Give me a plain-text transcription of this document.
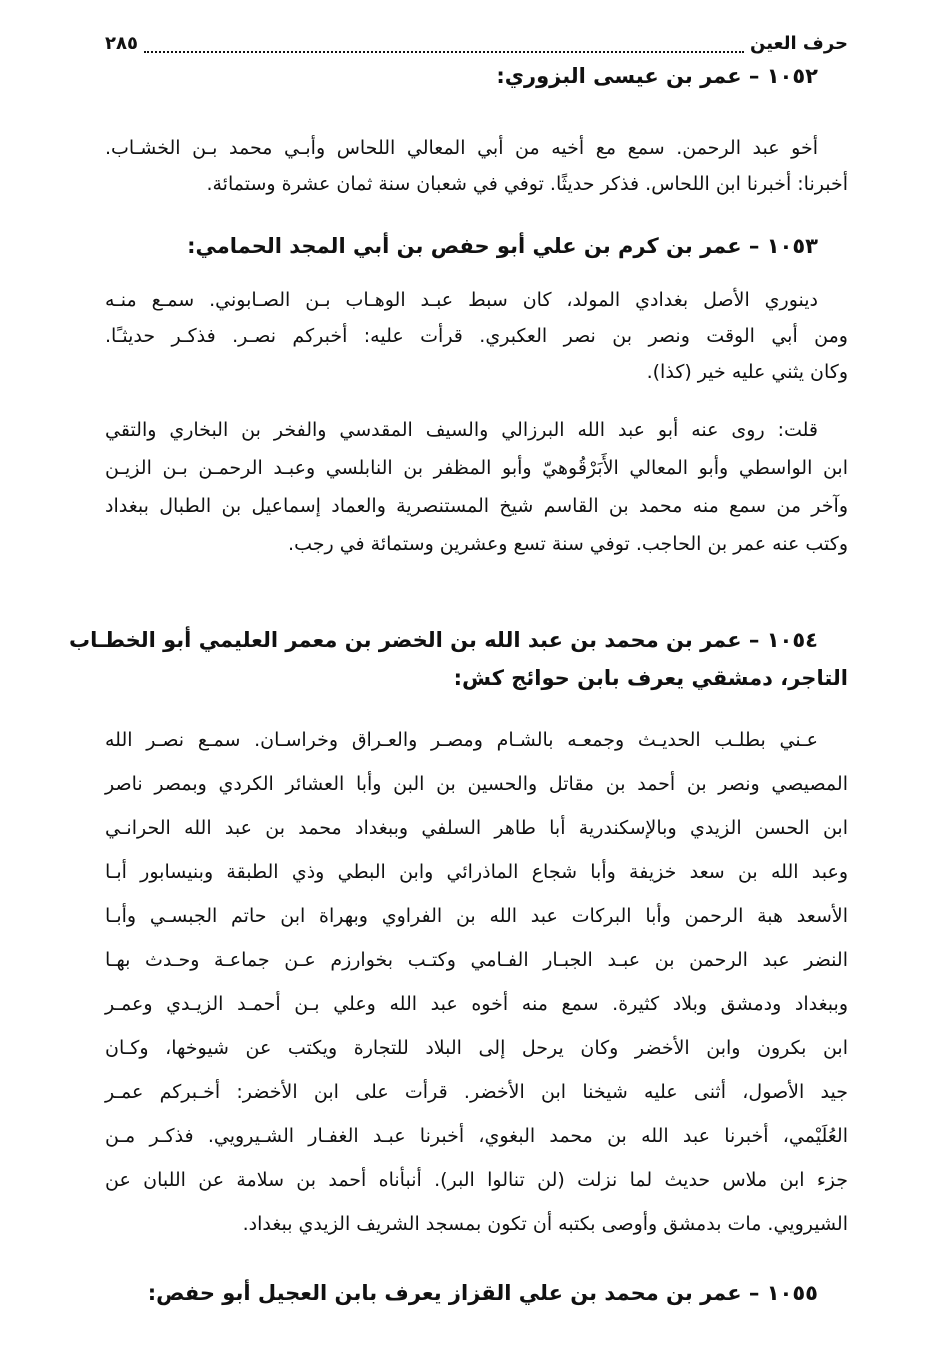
حرف العين
٢٨٥
١٠٥٢ – عمر بن عيسى البزوري:
أخو عبد الرحمن. سمع مع أخيه من أبي المعالي اللحاس وأبـي محمد بـن الخشـاب.
أخبرنا: أخبرنا ابن اللحاس. فذكر حديثًا. توفي في شعبان سنة ثمان عشرة وستمائة.
١٠٥٣ – عمر بن كرم بن علي أبو حفص بن أبي المجد الحمامي:
دينوري الأصل بغدادي المولد، كان سبط عبـد الوهـاب بـن الصـابوني. سمـع منـه
ومن أبي الوقت ونصر بن نصر العكبري. قرأت عليه: أخبركم نصـر. فذكـر حديثـًا.
وكان يثني عليه خير (كذا).
قلت: روى عنه أبو عبد الله البرزالي والسيف المقدسي والفخر بن البخاري والتقي
ابن الواسطي وأبو المعالي الأَبَرْقُوهيّ وأبو المظفر بن النابلسي وعبـد الرحمـن بـن الزيـن
وآخر من سمع منه محمد بن القاسم شيخ المستنصرية والعماد إسماعيل بن الطبال ببغداد
وكتب عنه عمر بن الحاجب. توفي سنة تسع وعشرين وستمائة في رجب.
١٠٥٤ – عمر بن محمد بن عبد الله بن الخضر بن معمر العليمي أبو الخطـاب
التاجر، دمشقي يعرف بابن حوائج كش:
عـني بطلـب الحديـث وجمعـه بالشـام ومصـر والعـراق وخراسـان. سمـع نصـر الله
المصيصي ونصر بن أحمد بن مقاتل والحسين بن البن وأبا العشائر الكردي وبمصر ناصر
ابن الحسن الزيدي وبالإسكندرية أبا طاهر السلفي وببغداد محمد بن عبد الله الحرانـي
وعبد الله بن سعد خزيفة وأبا شجاع الماذرائي وابن البطي وذي الطبقة وبنيسابور أبـا
الأسعد هبة الرحمن وأبا البركات عبد الله بن الفراوي وبهراة ابن حاتم الجبسـي وأبـا
النضر عبد الرحمن بن عبـد الجبـار الفـامي وكتـب بخوارزم عـن جماعـة وحـدث بهـا
وببغداد ودمشق وبلاد كثيرة. سمع منه أخوه عبد الله وعلي بـن أحمـد الزيـدي وعمـر
ابن بكرون وابن الأخضر وكان يرحل إلى البلاد للتجارة ويكتب عن شيوخها، وكـان
جيد الأصول، أثنى عليه شيخنا ابن الأخضر. قرأت على ابن الأخضر: أخـبركم عمـر
العُلَيْمي، أخبرنا عبد الله بن محمد البغوي، أخبرنا عبـد الغفـار الشـيرويي. فذكـر مـن
جزء ابن ملاس حديث لما نزلت (لن تنالوا البر). أنبأناه أحمد بن سلامة عن اللبان عن
الشيرويي. مات بدمشق وأوصى بكتبه أن تكون بمسجد الشريف الزيدي ببغداد.
١٠٥٥ – عمر بن محمد بن علي القزاز يعرف بابن العجيل أبو حفص:
